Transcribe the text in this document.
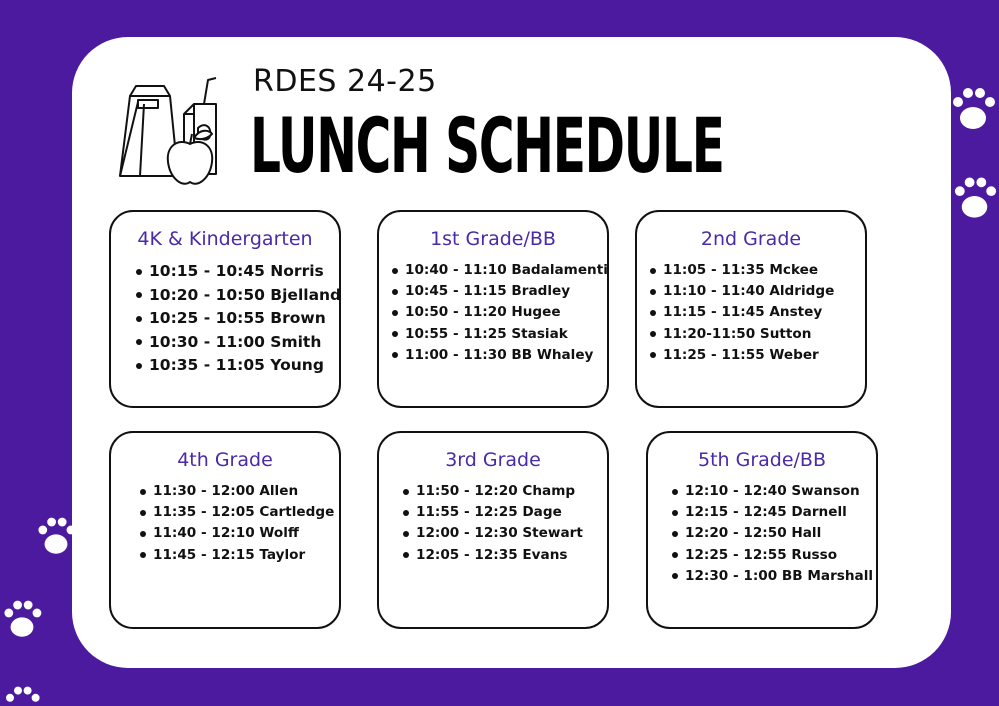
RDES 24-25
LUNCH SCHEDULE
4K & Kindergarten
10:15 - 10:45 Norris
10:20 - 10:50 Bjelland
10:25 - 10:55 Brown
10:30 - 11:00 Smith
10:35 - 11:05 Young
1st Grade/BB
10:40 - 11:10 Badalamenti
10:45 - 11:15 Bradley
10:50 - 11:20 Hugee
10:55 - 11:25 Stasiak
11:00 - 11:30 BB Whaley
2nd Grade
11:05 - 11:35 Mckee
11:10 - 11:40 Aldridge
11:15 - 11:45 Anstey
11:20-11:50 Sutton
11:25 - 11:55 Weber
4th Grade
11:30 - 12:00 Allen
11:35 - 12:05 Cartledge
11:40 - 12:10 Wolff
11:45 - 12:15 Taylor
3rd Grade
11:50 - 12:20 Champ
11:55 - 12:25 Dage
12:00 - 12:30 Stewart
12:05 - 12:35 Evans
5th Grade/BB
12:10 - 12:40 Swanson
12:15 - 12:45 Darnell
12:20 - 12:50 Hall
12:25 - 12:55 Russo
12:30 - 1:00 BB Marshall
